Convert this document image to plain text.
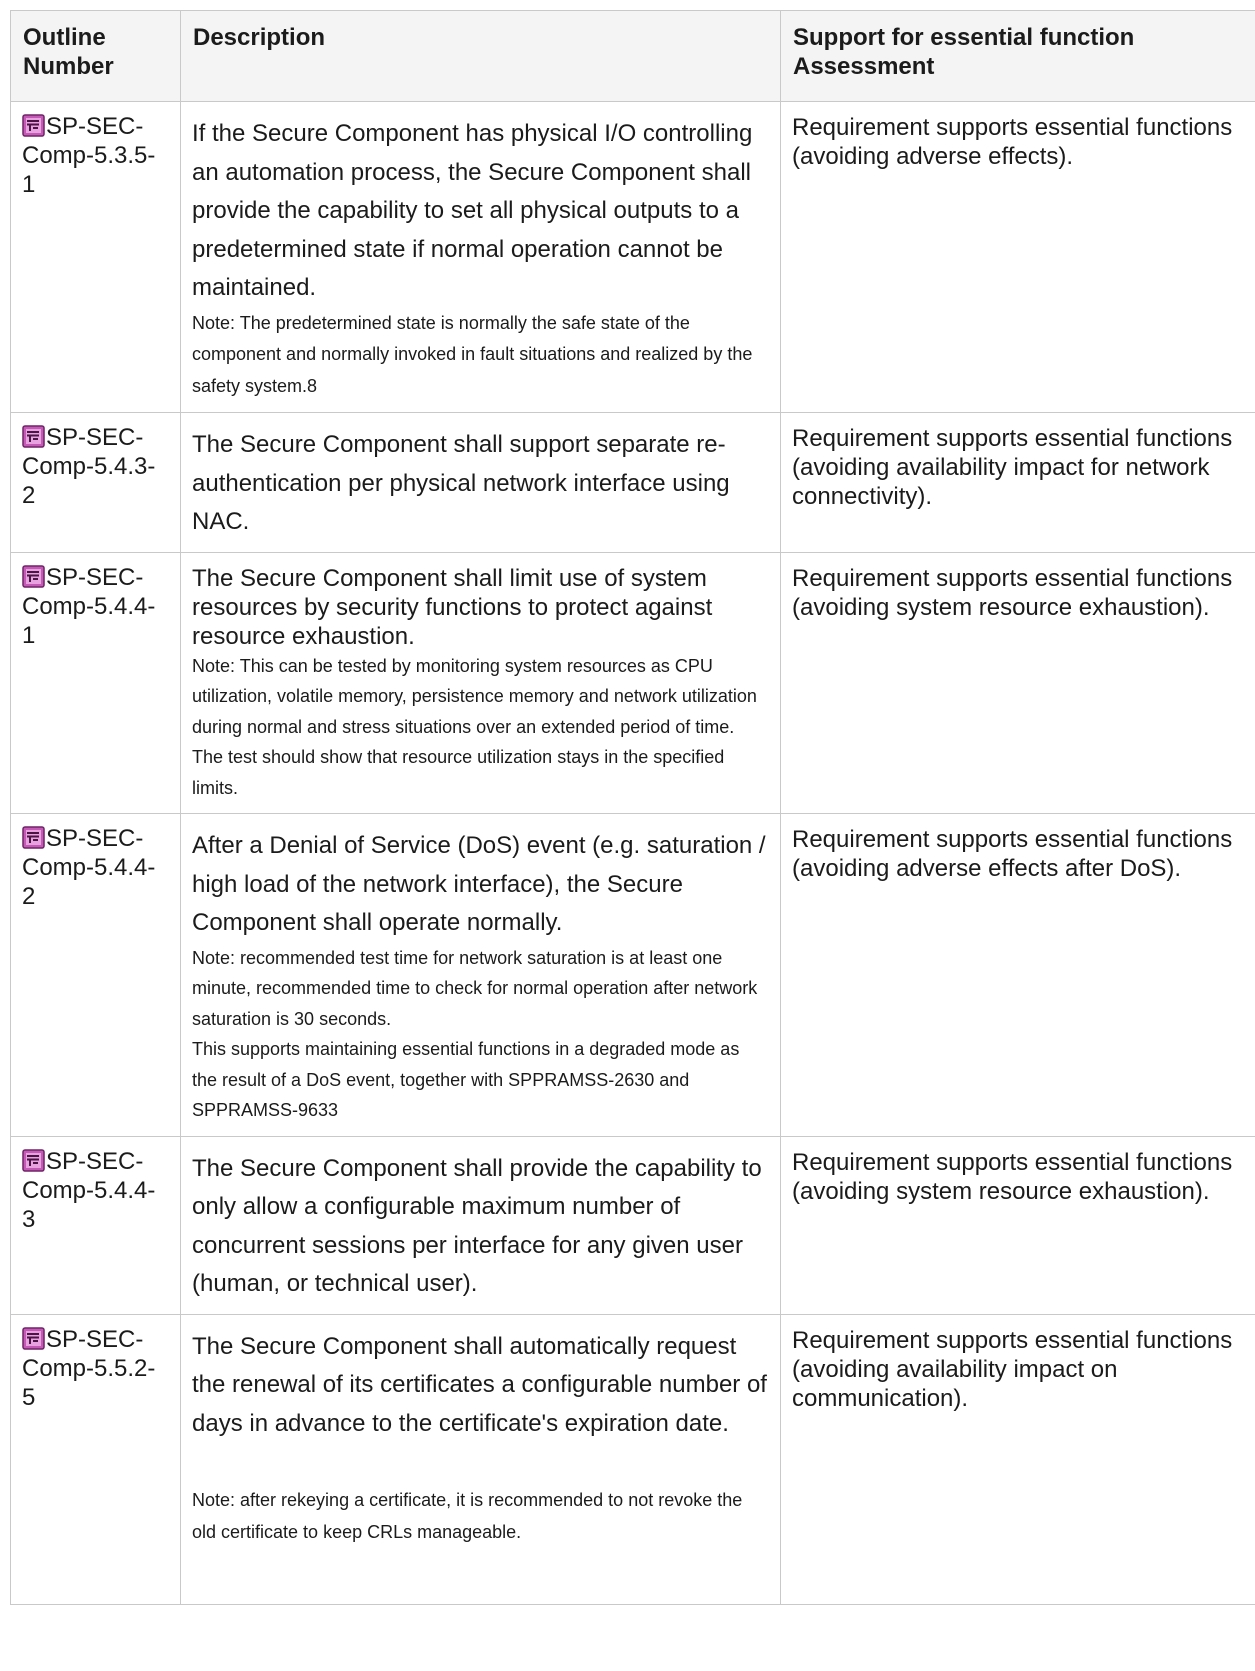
Outline Number	Description	Support for essential function Assessment

SP-SEC-Comp-5.3.5-1	If the Secure Component has physical I/O controlling an automation process, the Secure Component shall provide the capability to set all physical outputs to a predetermined state if normal operation cannot be maintained.
Note: The predetermined state is normally the safe state of the component and normally invoked in fault situations and realized by the safety system.8	Requirement supports essential functions (avoiding adverse effects).

SP-SEC-Comp-5.4.3-2	The Secure Component shall support separate re-authentication per physical network interface using NAC.	Requirement supports essential functions (avoiding availability impact for network connectivity).

SP-SEC-Comp-5.4.4-1	The Secure Component shall limit use of system resources by security functions to protect against resource exhaustion.
Note: This can be tested by monitoring system resources as CPU utilization, volatile memory, persistence memory and network utilization during normal and stress situations over an extended period of time. The test should show that resource utilization stays in the specified limits.	Requirement supports essential functions (avoiding system resource exhaustion).

SP-SEC-Comp-5.4.4-2	After a Denial of Service (DoS) event (e.g. saturation / high load of the network interface), the Secure Component shall operate normally.
Note: recommended test time for network saturation is at least one minute, recommended time to check for normal operation after network saturation is 30 seconds.
This supports maintaining essential functions in a degraded mode as the result of a DoS event, together with SPPRAMSS-2630 and SPPRAMSS-9633	Requirement supports essential functions (avoiding adverse effects after DoS).

SP-SEC-Comp-5.4.4-3	The Secure Component shall provide the capability to only allow a configurable maximum number of concurrent sessions per interface for any given user (human, or technical user).	Requirement supports essential functions (avoiding system resource exhaustion).

SP-SEC-Comp-5.5.2-5	The Secure Component shall automatically request the renewal of its certificates a configurable number of days in advance to the certificate's expiration date.
Note: after rekeying a certificate, it is recommended to not revoke the old certificate to keep CRLs manageable.	Requirement supports essential functions (avoiding availability impact on communication).
